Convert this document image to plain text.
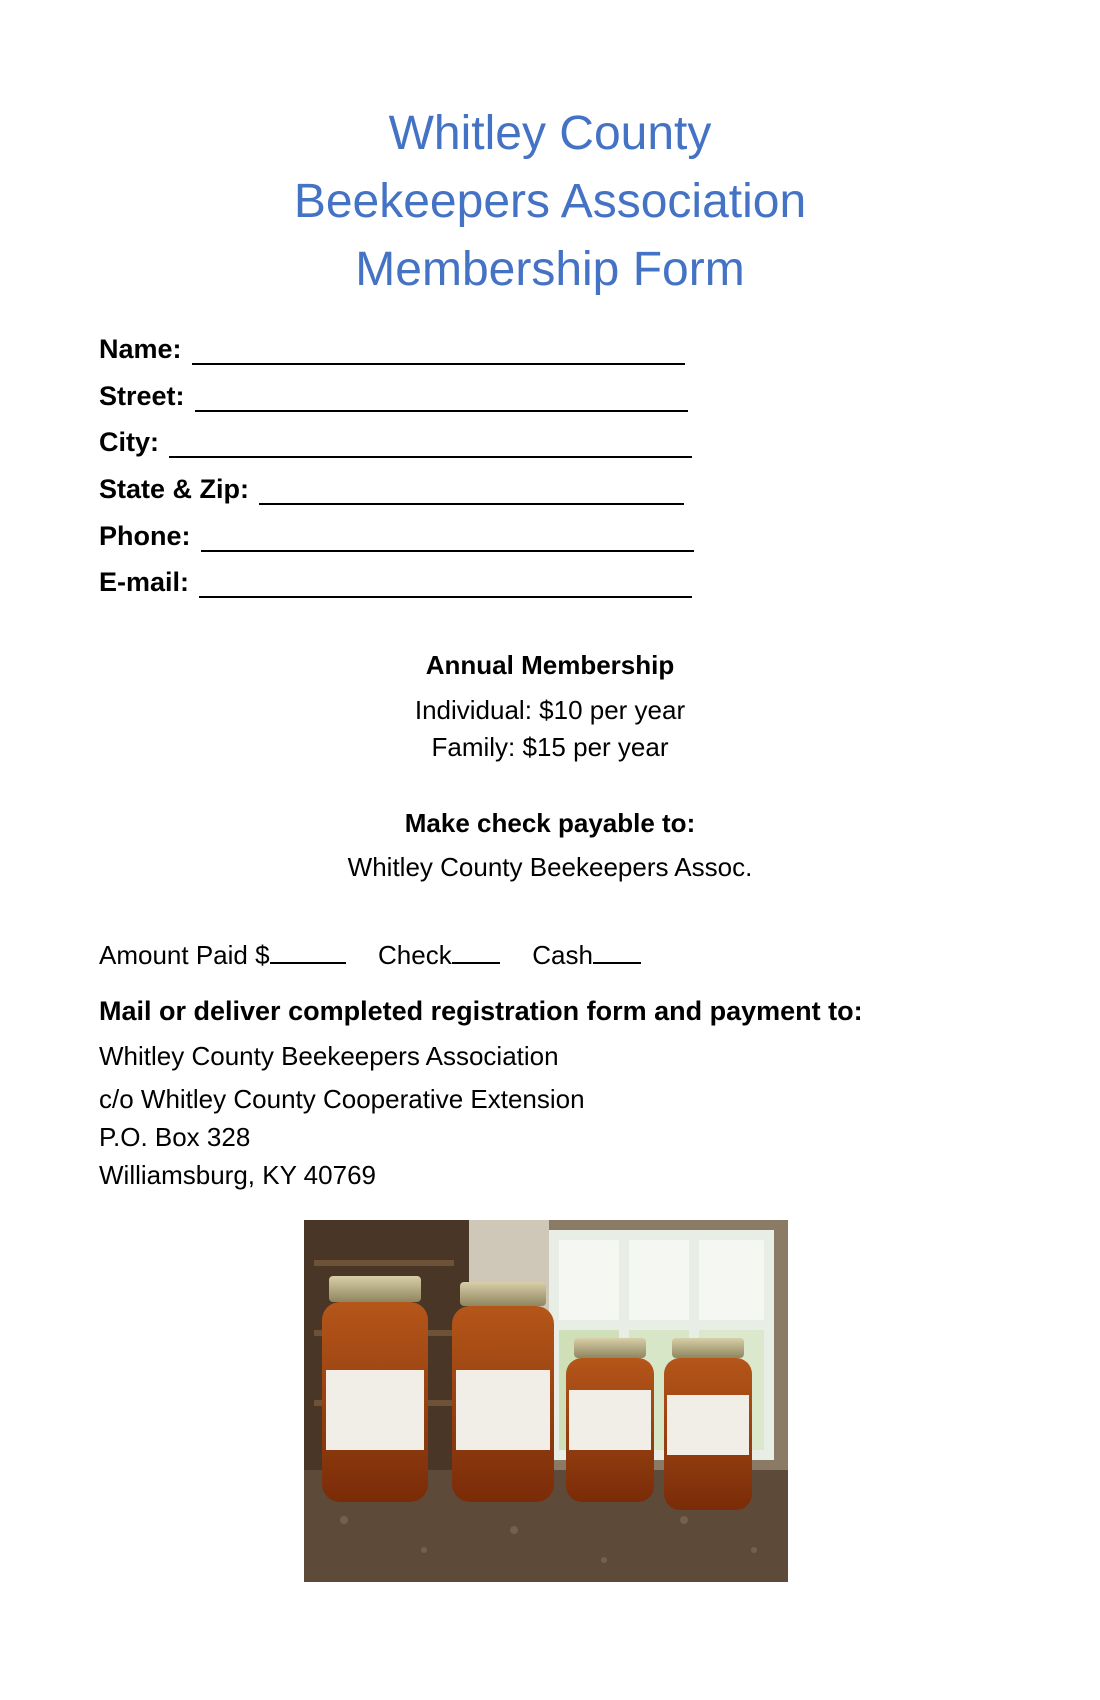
Whitley County
Beekeepers Association
Membership Form
Name:
Street:
City:
State & Zip:
Phone:
E-mail:
Annual Membership
Individual: $10 per year
Family: $15 per year
Make check payable to:
Whitley County Beekeepers Assoc.
Amount Paid $	Check	Cash
Mail or deliver completed registration form and payment to:
Whitley County Beekeepers Association
c/o Whitley County Cooperative Extension
P.O. Box 328
Williamsburg, KY 40769
